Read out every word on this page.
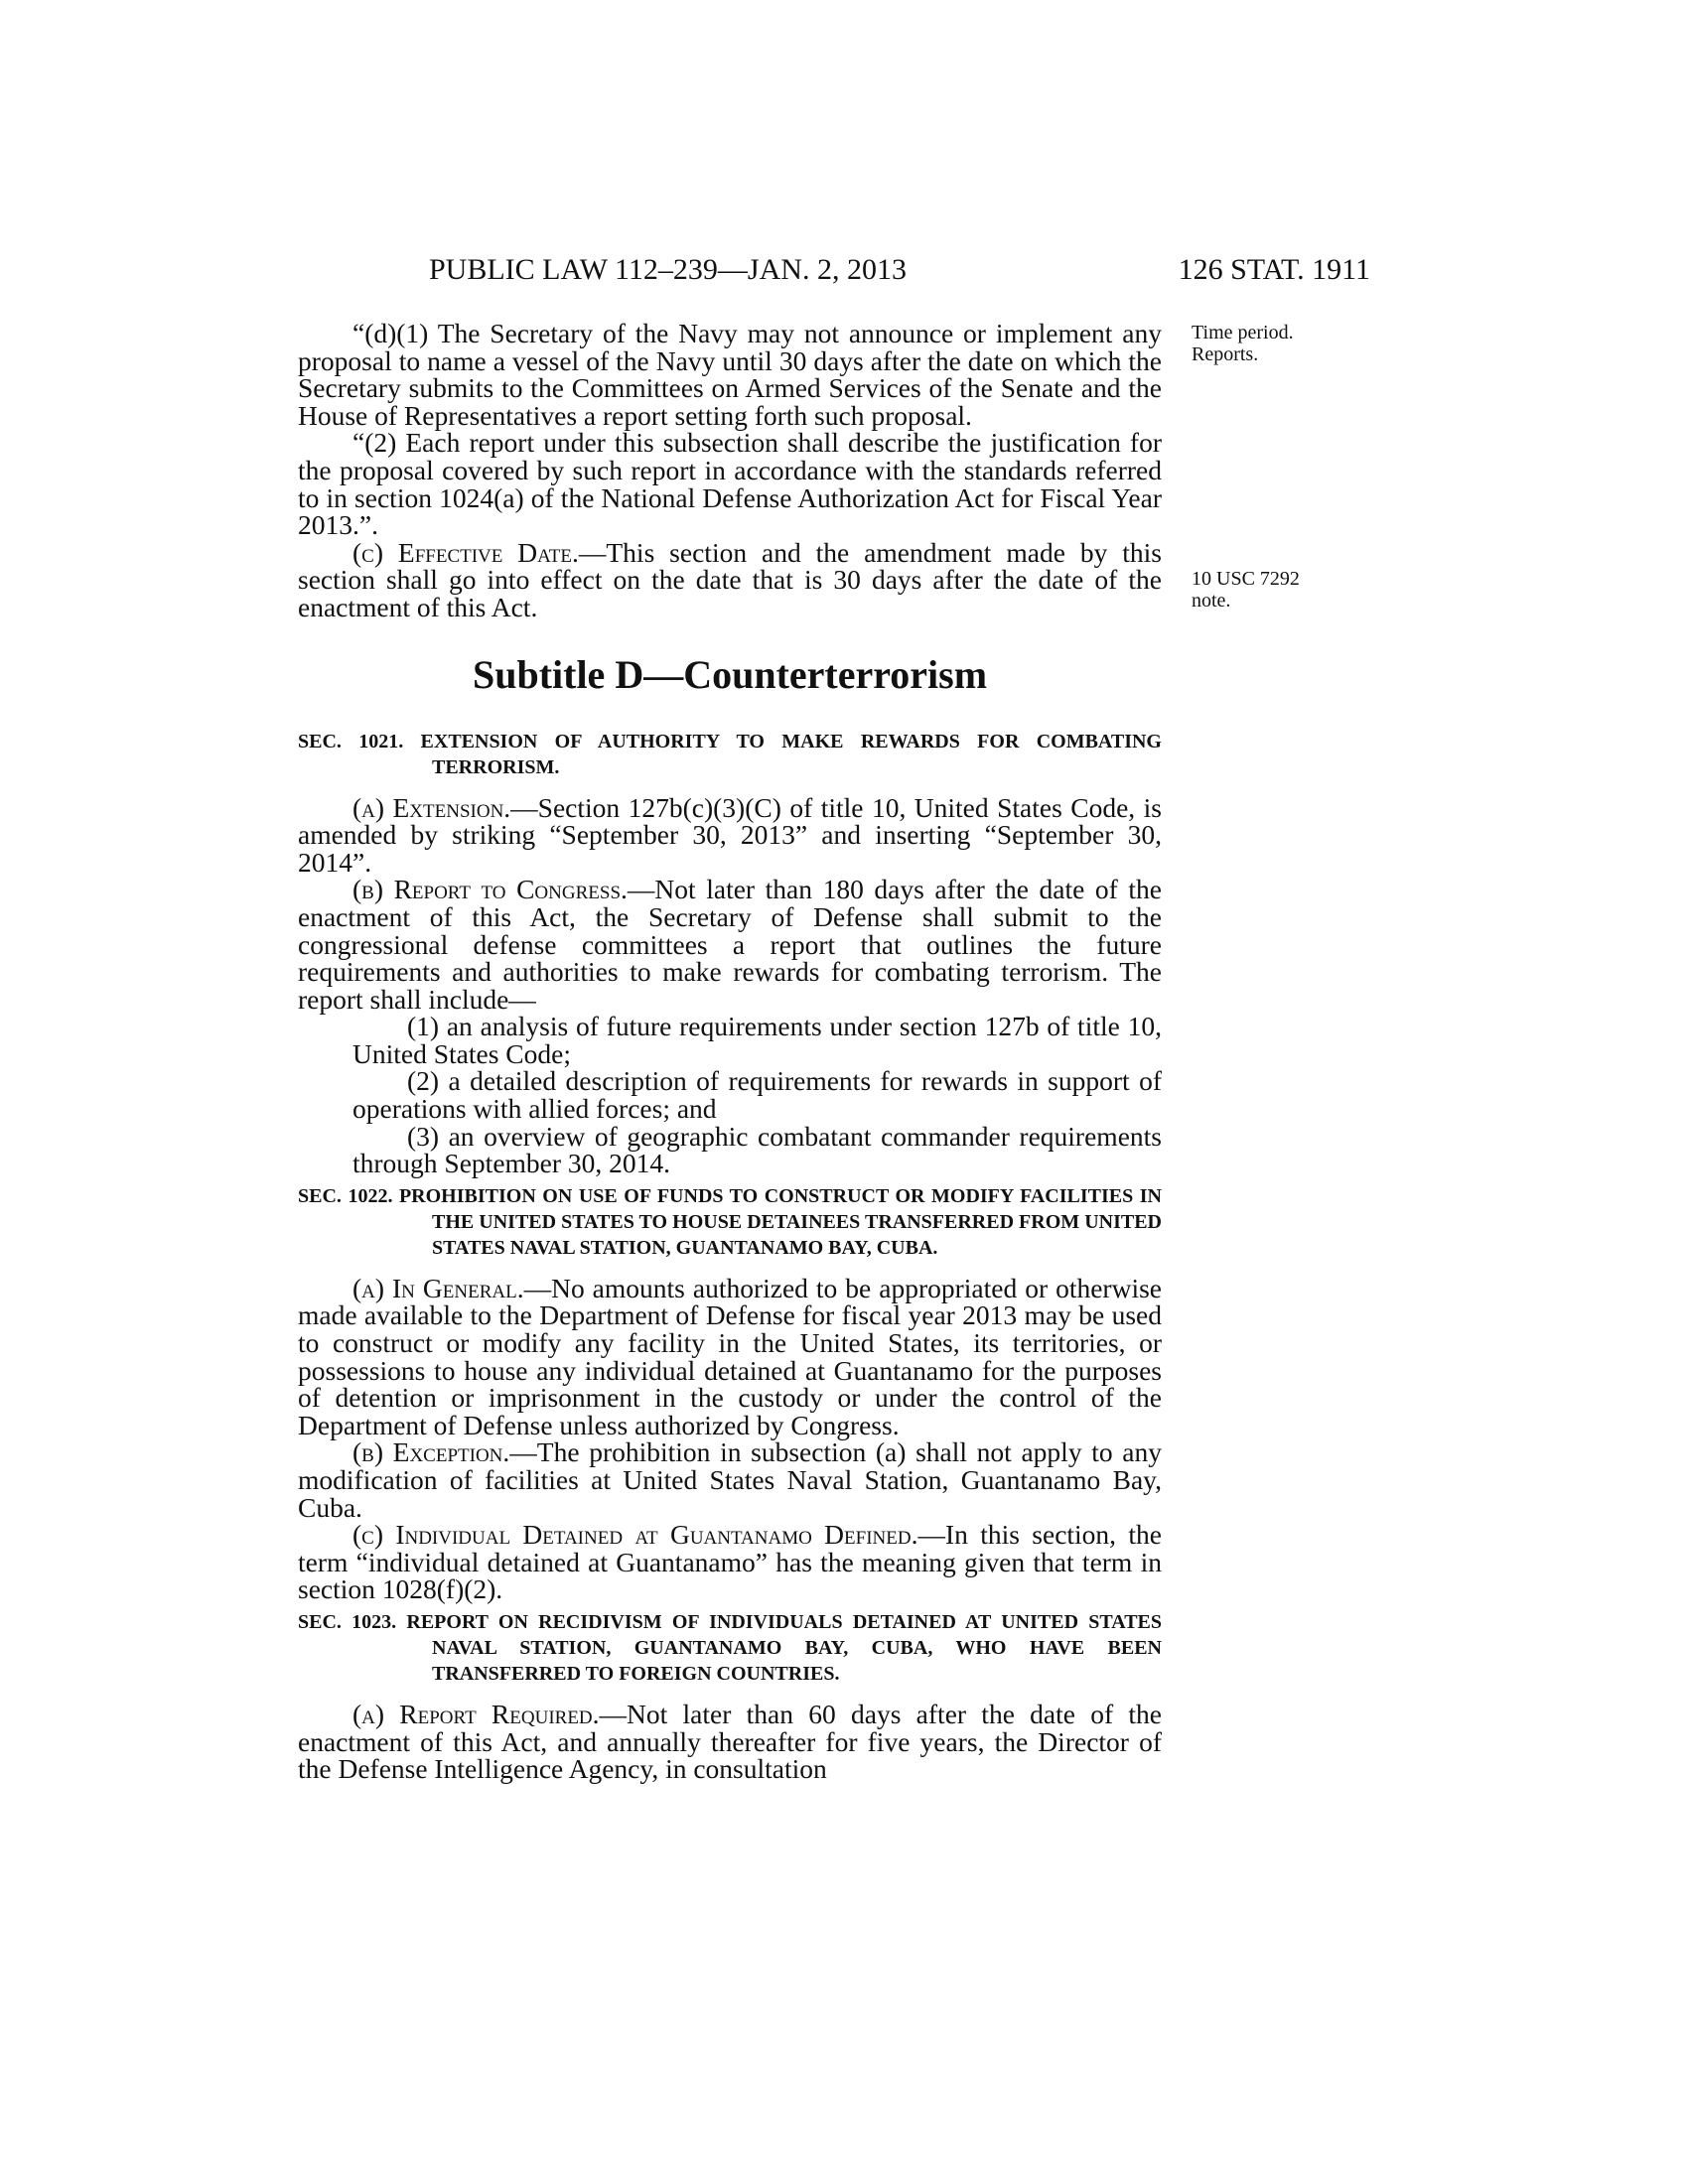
PUBLIC LAW 112–239—JAN. 2, 2013	126 STAT. 1911
Time period.
Reports.
10 USC 7292
note.

“(d)(1) The Secretary of the Navy may not announce or implement any proposal to name a vessel of the Navy until 30 days after the date on which the Secretary submits to the Committees on Armed Services of the Senate and the House of Representatives a report setting forth such proposal.

“(2) Each report under this subsection shall describe the justification for the proposal covered by such report in accordance with the standards referred to in section 1024(a) of the National Defense Authorization Act for Fiscal Year 2013.”.

(c) Effective Date.—This section and the amendment made by this section shall go into effect on the date that is 30 days after the date of the enactment of this Act.

Subtitle D—Counterterrorism

SEC. 1021. EXTENSION OF AUTHORITY TO MAKE REWARDS FOR COMBATING TERRORISM.

(a) Extension.—Section 127b(c)(3)(C) of title 10, United States Code, is amended by striking “September 30, 2013” and inserting “September 30, 2014”.

(b) Report to Congress.—Not later than 180 days after the date of the enactment of this Act, the Secretary of Defense shall submit to the congressional defense committees a report that outlines the future requirements and authorities to make rewards for combating terrorism. The report shall include—

(1) an analysis of future requirements under section 127b of title 10, United States Code;

(2) a detailed description of requirements for rewards in support of operations with allied forces; and

(3) an overview of geographic combatant commander requirements through September 30, 2014.

SEC. 1022. PROHIBITION ON USE OF FUNDS TO CONSTRUCT OR MODIFY FACILITIES IN THE UNITED STATES TO HOUSE DETAINEES TRANSFERRED FROM UNITED STATES NAVAL STATION, GUANTANAMO BAY, CUBA.

(a) In General.—No amounts authorized to be appropriated or otherwise made available to the Department of Defense for fiscal year 2013 may be used to construct or modify any facility in the United States, its territories, or possessions to house any individual detained at Guantanamo for the purposes of detention or imprisonment in the custody or under the control of the Department of Defense unless authorized by Congress.

(b) Exception.—The prohibition in subsection (a) shall not apply to any modification of facilities at United States Naval Station, Guantanamo Bay, Cuba.

(c) Individual Detained at Guantanamo Defined.—In this section, the term “individual detained at Guantanamo” has the meaning given that term in section 1028(f)(2).

SEC. 1023. REPORT ON RECIDIVISM OF INDIVIDUALS DETAINED AT UNITED STATES NAVAL STATION, GUANTANAMO BAY, CUBA, WHO HAVE BEEN TRANSFERRED TO FOREIGN COUNTRIES.

(a) Report Required.—Not later than 60 days after the date of the enactment of this Act, and annually thereafter for five years, the Director of the Defense Intelligence Agency, in consultation
